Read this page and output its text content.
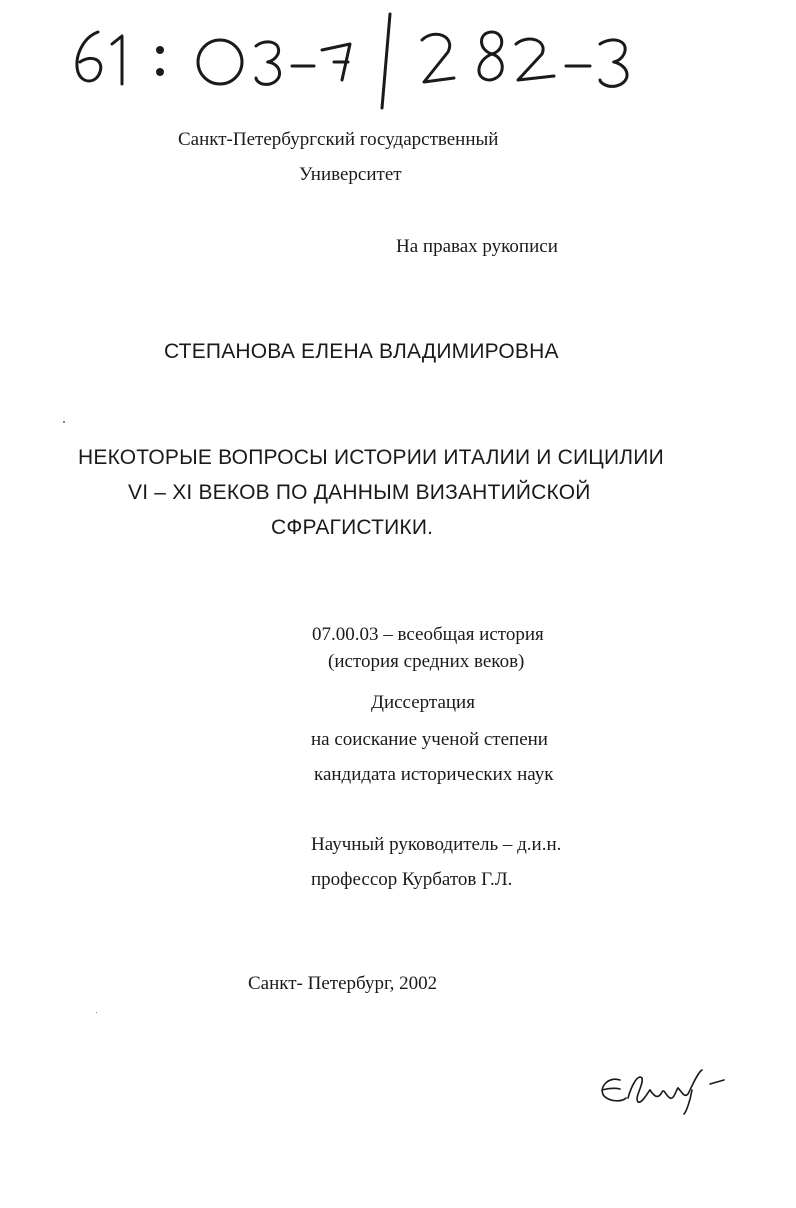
Санкт-Петербургский государственный
Университет
На правах рукописи
СТЕПАНОВА ЕЛЕНА ВЛАДИМИРОВНА
НЕКОТОРЫЕ ВОПРОСЫ ИСТОРИИ ИТАЛИИ И СИЦИЛИИ
VI – XI ВЕКОВ ПО ДАННЫМ ВИЗАНТИЙСКОЙ
СФРАГИСТИКИ.
07.00.03 – всеобщая история
(история средних веков)
Диссертация
на соискание ученой степени
кандидата исторических наук
Научный руководитель – д.и.н.
профессор Курбатов Г.Л.
Санкт- Петербург, 2002
